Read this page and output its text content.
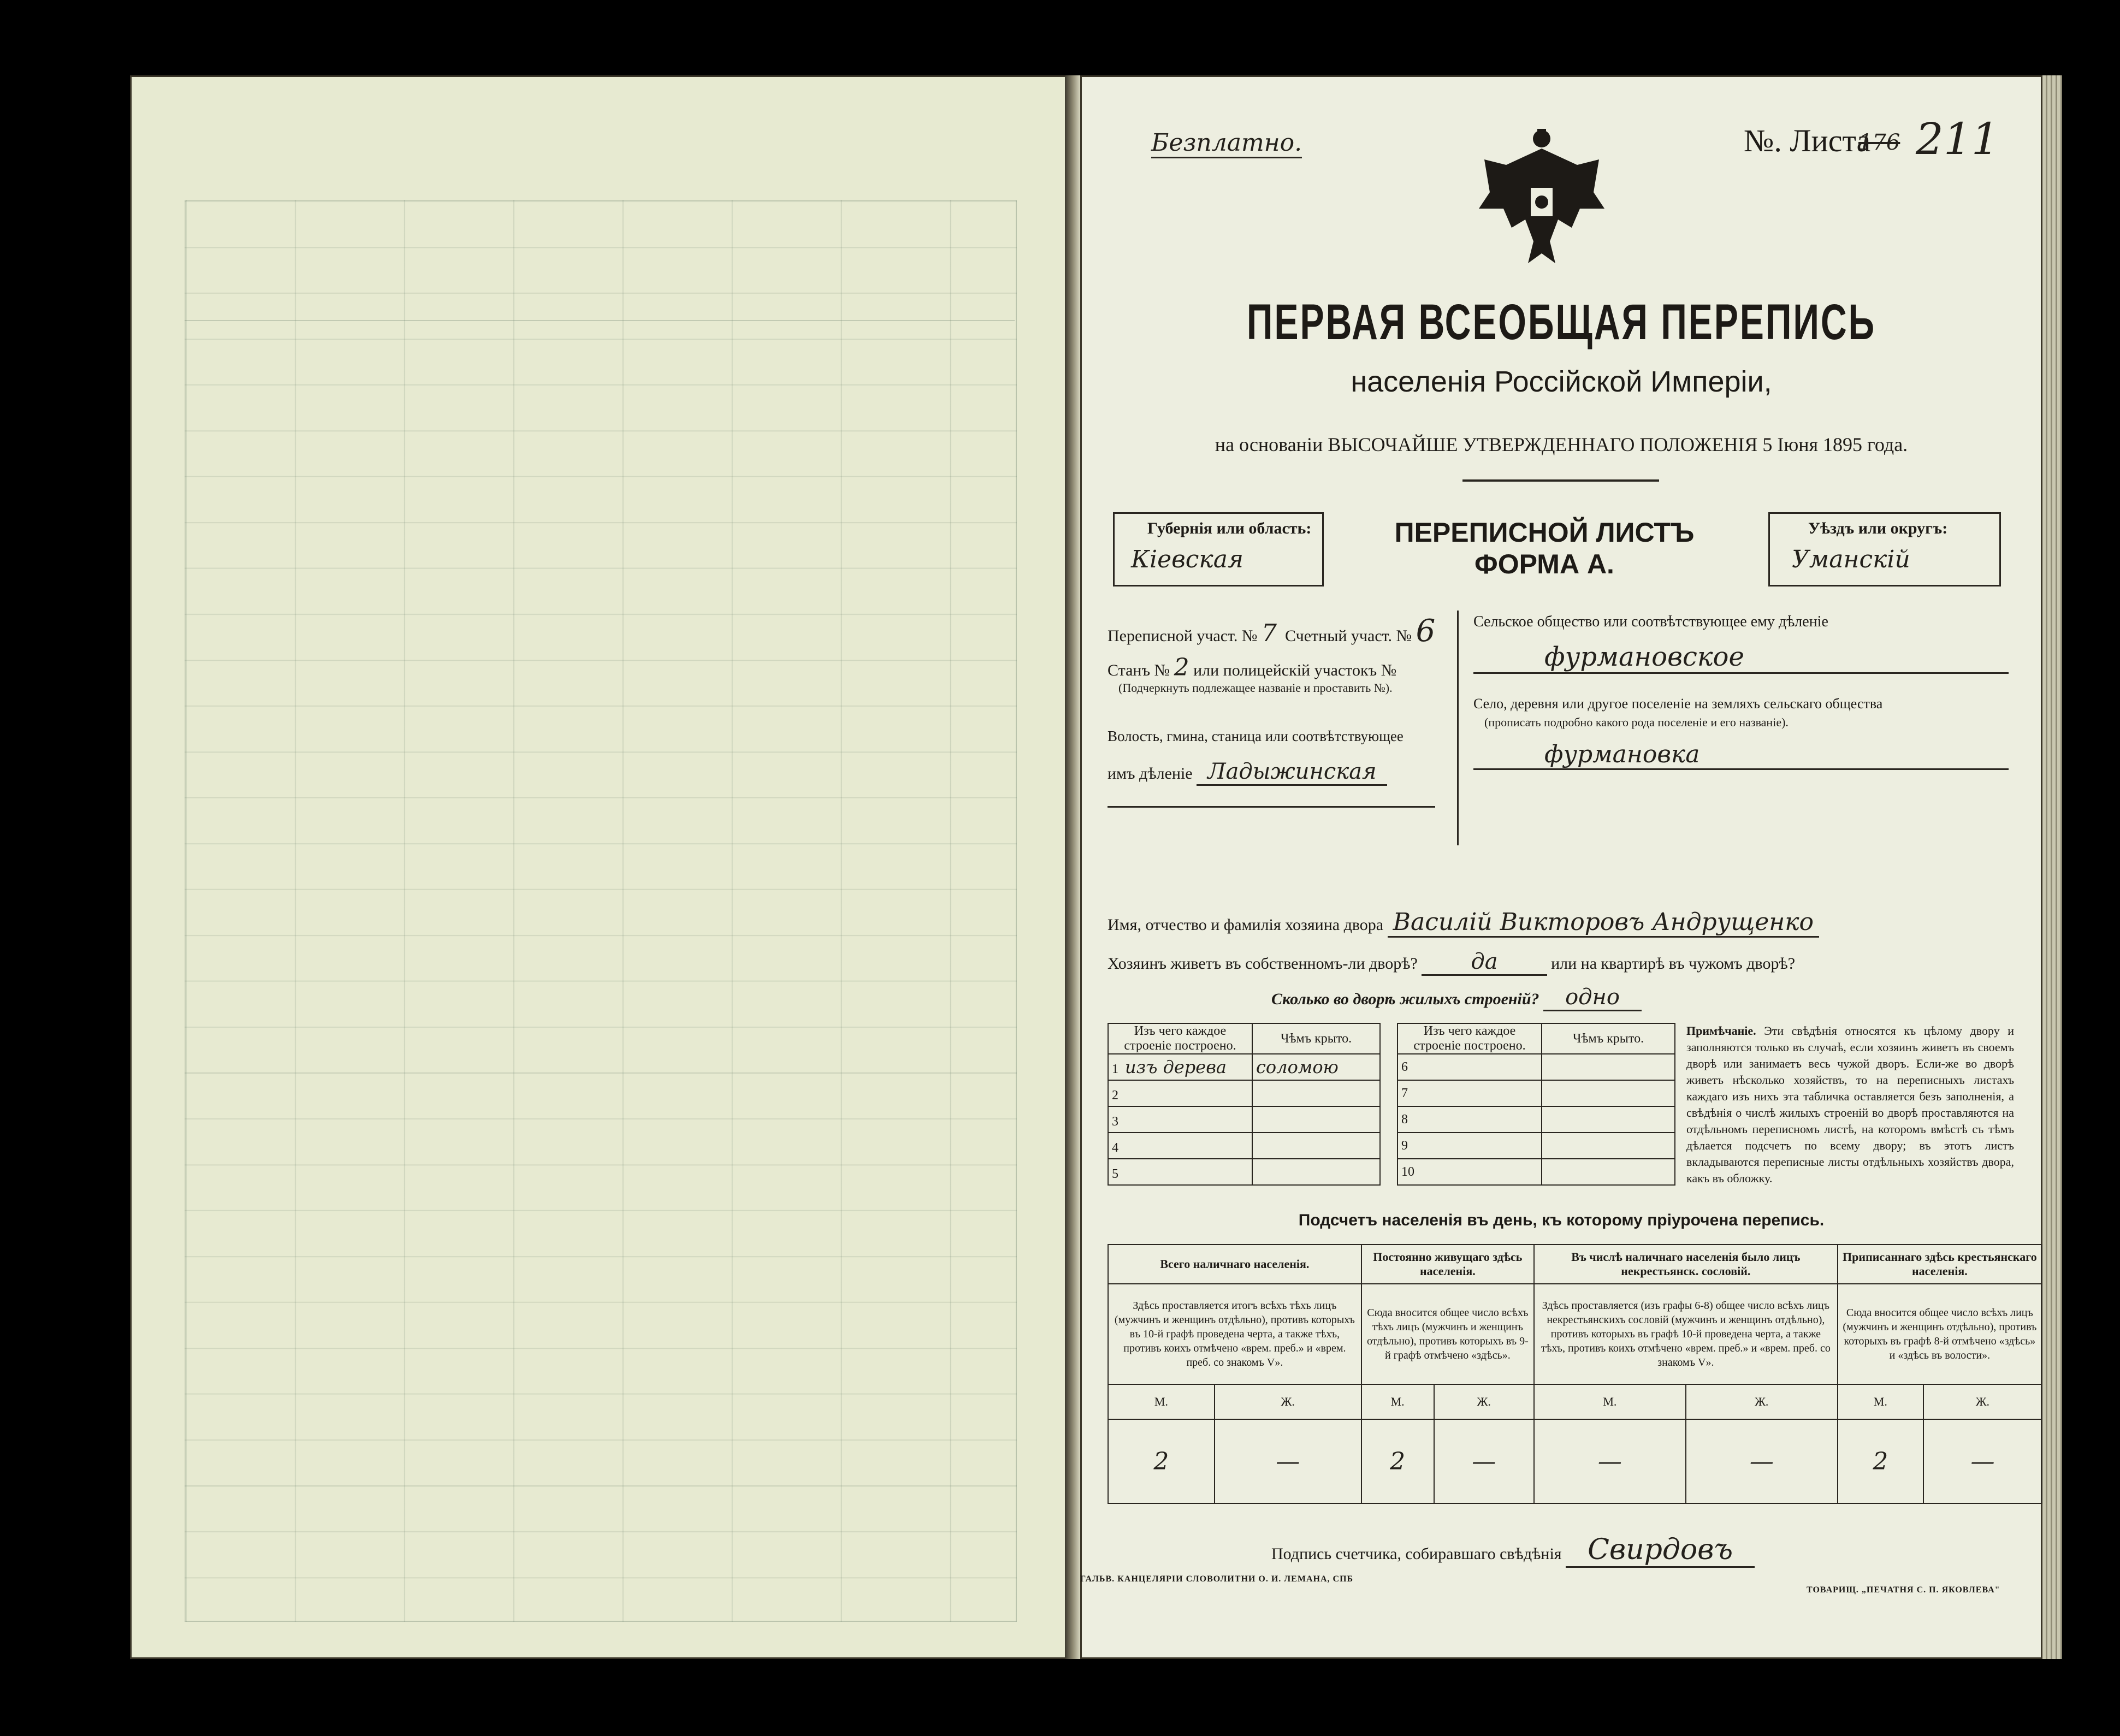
Безплатно.	№. Листа
176 211
ПЕРВАЯ ВСЕОБЩАЯ ПЕРЕПИСЬ
населенія Россійской Имперіи,
на основаніи ВЫСОЧАЙШЕ УТВЕРЖДЕННАГО ПОЛОЖЕНІЯ 5 Іюня 1895 года.
Губернія или область:
Кіевская
ПЕРЕПИСНОЙ ЛИСТЪ
ФОРМА А.
Уѣздъ или округъ:
Уманскій
Переписной участ. № 7 Счетный участ. № 6
Станъ № 2 или полицейскій участокъ №
(Подчеркнуть подлежащее названіе и проставить №).
Волость, гмина, станица или соотвѣтствующее
имъ дѣленіе Ладыжинская
Сельское общество или соотвѣтствующее ему дѣленіе
фурмановское
Село, деревня или другое поселеніе на земляхъ сельскаго общества
(прописать подробно какого рода поселеніе и его названіе).
фурмановка
Имя, отчество и фамилія хозяина двора Василій Викторовъ Андрущенко
Хозяинъ живетъ въ собственномъ-ли дворѣ? да	или на квартирѣ въ чужомъ дворѣ?
Сколько во дворѣ жилыхъ строеній? одно
Изъ чего каждое строеніе построено.	Чѣмъ крыто.
1 изъ дерева	соломою
2	
3	
4	
5	
Изъ чего каждое строеніе построено.	Чѣмъ крыто.
6	
7	
8	
9	
10	
Примѣчаніе. Эти свѣдѣнія относятся къ цѣлому двору и заполняются только въ случаѣ, если хозяинъ живетъ въ своемъ дворѣ или занимаетъ весь чужой дворъ. Если-же во дворѣ живетъ нѣсколько хозяйствъ, то на переписныхъ листахъ каждаго изъ нихъ эта табличка оставляется безъ заполненія, а свѣдѣнія о числѣ жилыхъ строеній во дворѣ проставляются на отдѣльномъ переписномъ листѣ, на которомъ вмѣстѣ съ тѣмъ дѣлается подсчетъ по всему двору; въ этотъ листъ вкладываются переписные листы отдѣльныхъ хозяйствъ двора, какъ въ обложку.
Подсчетъ населенія въ день, къ которому пріурочена перепись.
Всего наличнаго населенія.		Постоянно живущаго здѣсь населенія.		Въ числѣ наличнаго населенія было лицъ некрестьянск. сословій.		Приписаннаго здѣсь крестьянскаго населенія.	
Здѣсь проставляется итогъ всѣхъ тѣхъ лицъ (мужчинъ и женщинъ отдѣльно), противъ которыхъ въ 10-й графѣ проведена черта, а также тѣхъ, противъ коихъ отмѣчено «врем. преб.» и «врем. преб. со знакомъ V».		Сюда вносится общее число всѣхъ тѣхъ лицъ (мужчинъ и женщинъ отдѣльно), противъ которыхъ въ 9-й графѣ отмѣчено «здѣсь».		Здѣсь проставляется (изъ графы 6-8) общее число всѣхъ лицъ некрестьянскихъ сословій (мужчинъ и женщинъ отдѣльно), противъ которыхъ въ графѣ 10-й проведена черта, а также тѣхъ, противъ коихъ отмѣчено «врем. преб.» и «врем. преб. со знакомъ V».		Сюда вносится общее число всѣхъ лицъ (мужчинъ и женщинъ отдѣльно), противъ которыхъ въ графѣ 8-й отмѣчено «здѣсь» и «здѣсь въ волости».	
М.	Ж.	М.	Ж.	М.	Ж.	М.	Ж.
2	—	2	—	—	—	2	—
Подпись счетчика, собиравшаго свѣдѣнія Свирдовъ
ГАЛЬВ. КАНЦЕЛЯРІИ СЛОВОЛИТНИ О. И. ЛЕМАНА, СПБ
ТОВАРИЩ. „ПЕЧАТНЯ С. П. ЯКОВЛЕВА"
